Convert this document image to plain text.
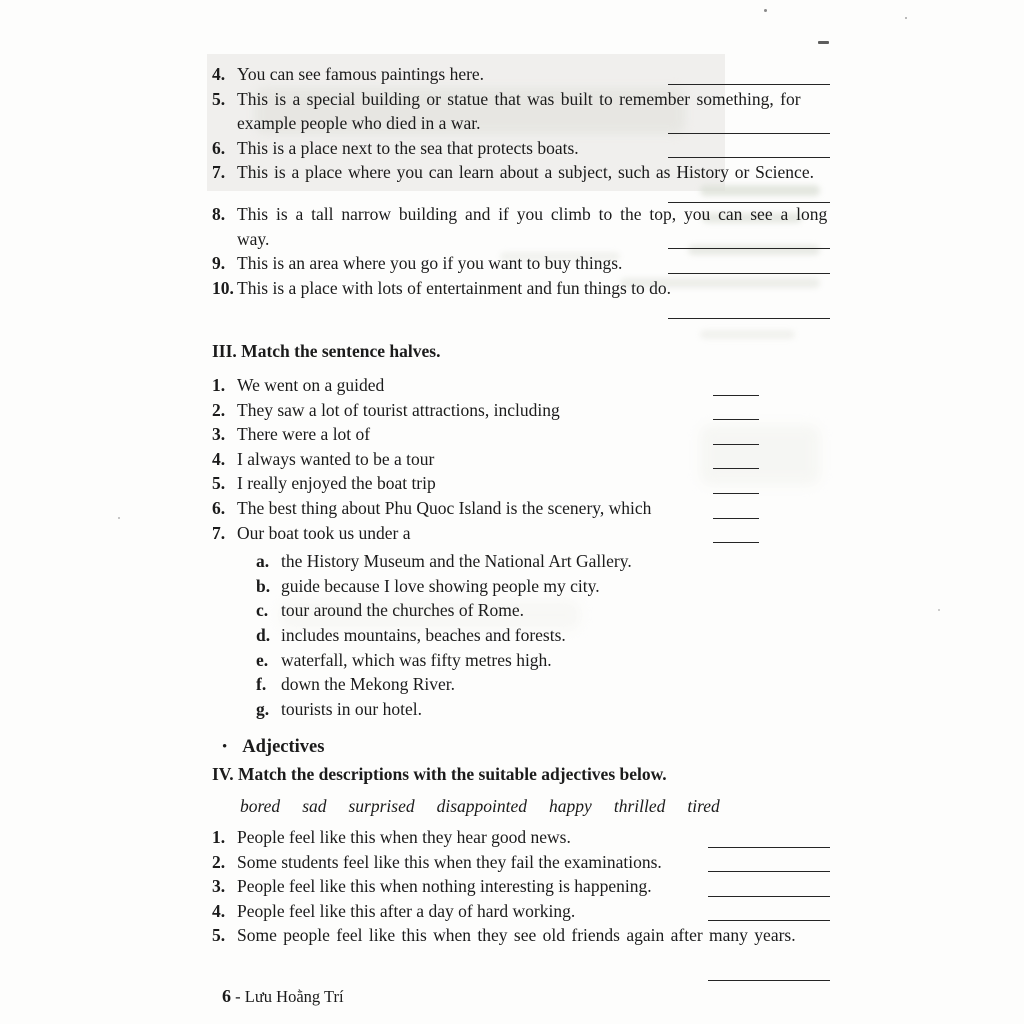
4. You can see famous paintings here.
5. This is a special building or statue that was built to remember something, for
example people who died in a war.
6. This is a place next to the sea that protects boats.
7. This is a place where you can learn about a subject, such as History or Science.
8. This is a tall narrow building and if you climb to the top, you can see a long
way.
9. This is an area where you go if you want to buy things.
10. This is a place with lots of entertainment and fun things to do.
III. Match the sentence halves.
1. We went on a guided
2. They saw a lot of tourist attractions, including
3. There were a lot of
4. I always wanted to be a tour
5. I really enjoyed the boat trip
6. The best thing about Phu Quoc Island is the scenery, which
7. Our boat took us under a
a. the History Museum and the National Art Gallery.
b. guide because I love showing people my city.
c. tour around the churches of Rome.
d. includes mountains, beaches and forests.
e. waterfall, which was fifty metres high.
f. down the Mekong River.
g. tourists in our hotel.
• Adjectives
IV. Match the descriptions with the suitable adjectives below.
bored sad surprised disappointed happy thrilled tired
1. People feel like this when they hear good news.
2. Some students feel like this when they fail the examinations.
3. People feel like this when nothing interesting is happening.
4. People feel like this after a day of hard working.
5. Some people feel like this when they see old friends again after many years.
6 - Lưu Hoằng Trí
